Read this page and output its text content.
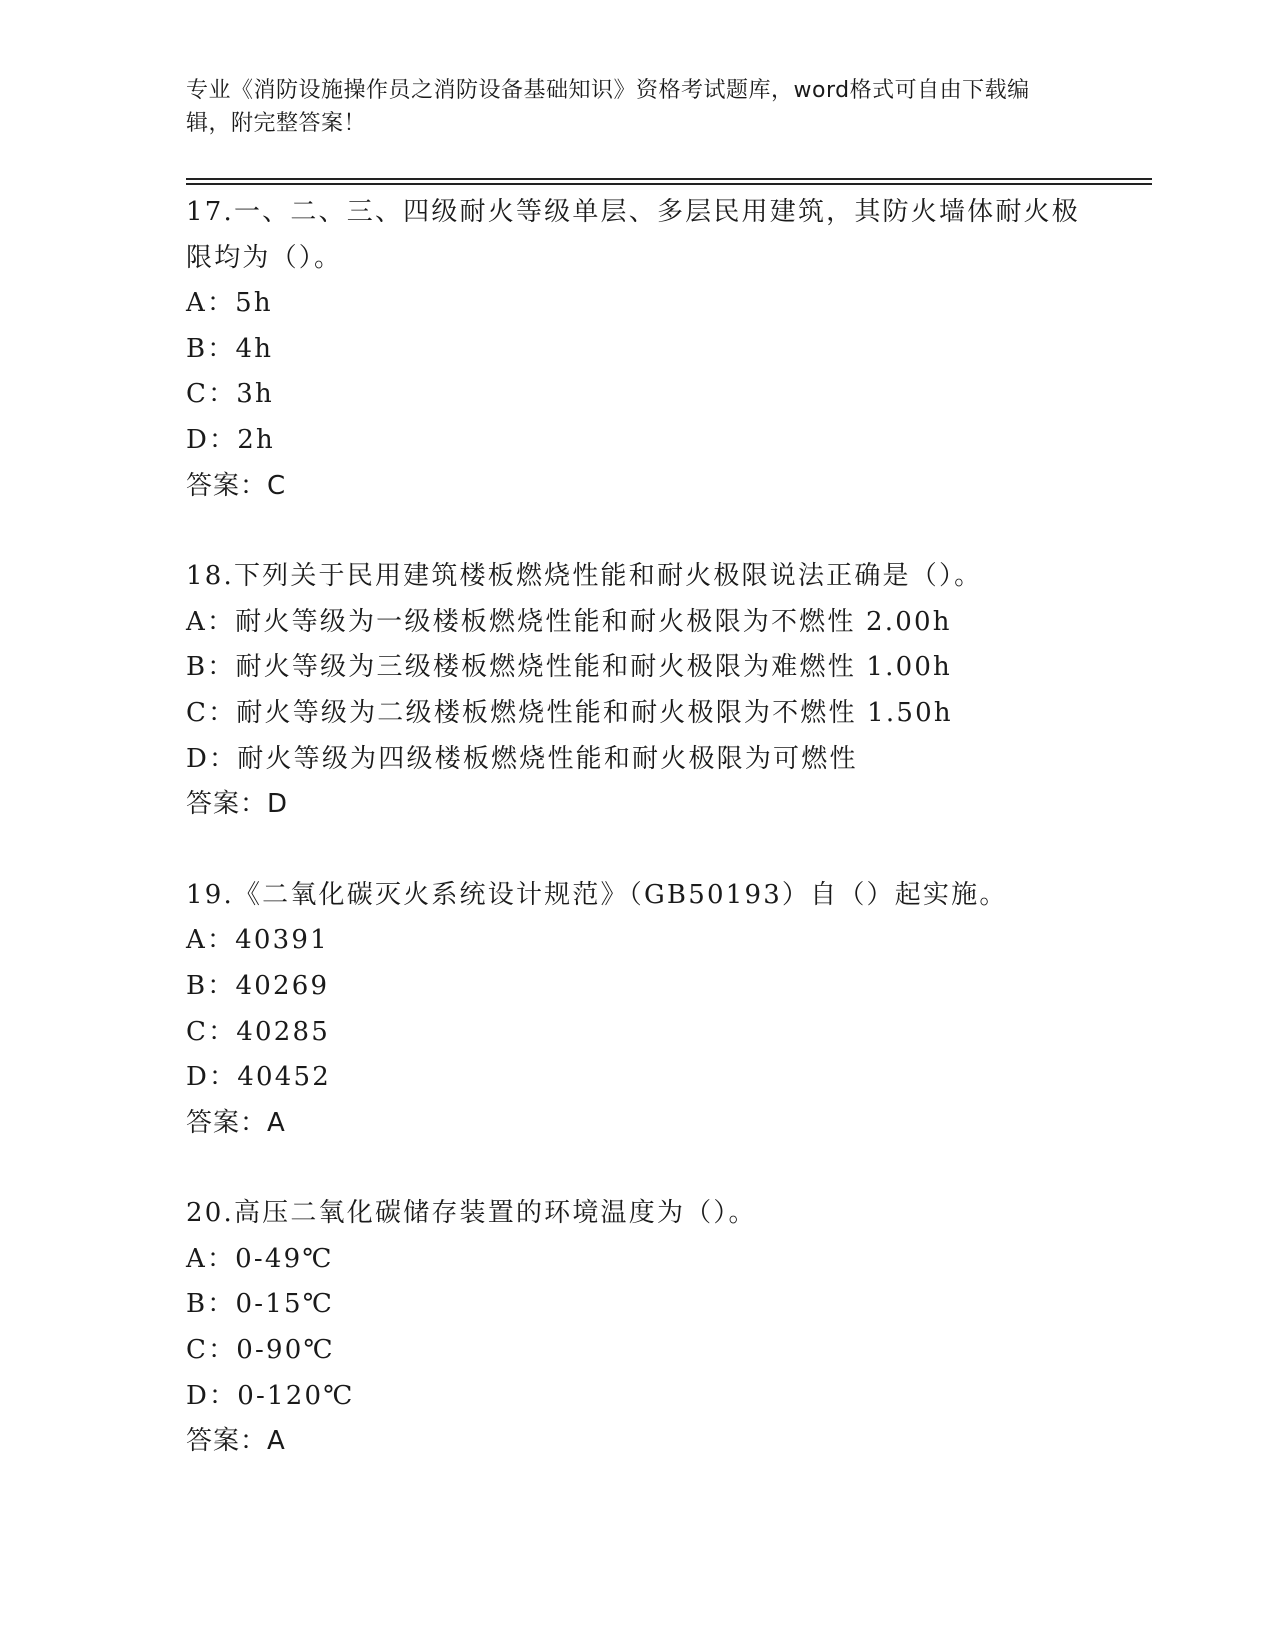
专业《消防设施操作员之消防设备基础知识》资格考试题库，word格式可自由下载编辑，附完整答案！
17.一、二、三、四级耐火等级单层、多层民用建筑，其防火墙体耐火极限均为（）。
A：5h
B：4h
C：3h
D：2h
答案：C
18.下列关于民用建筑楼板燃烧性能和耐火极限说法正确是（）。
A：耐火等级为一级楼板燃烧性能和耐火极限为不燃性 2.00h
B：耐火等级为三级楼板燃烧性能和耐火极限为难燃性 1.00h
C：耐火等级为二级楼板燃烧性能和耐火极限为不燃性 1.50h
D：耐火等级为四级楼板燃烧性能和耐火极限为可燃性
答案：D
19.《二氧化碳灭火系统设计规范》（GB50193）自（）起实施。
A：40391
B：40269
C：40285
D：40452
答案：A
20.高压二氧化碳储存装置的环境温度为（）。
A：0-49℃
B：0-15℃
C：0-90℃
D：0-120℃
答案：A
